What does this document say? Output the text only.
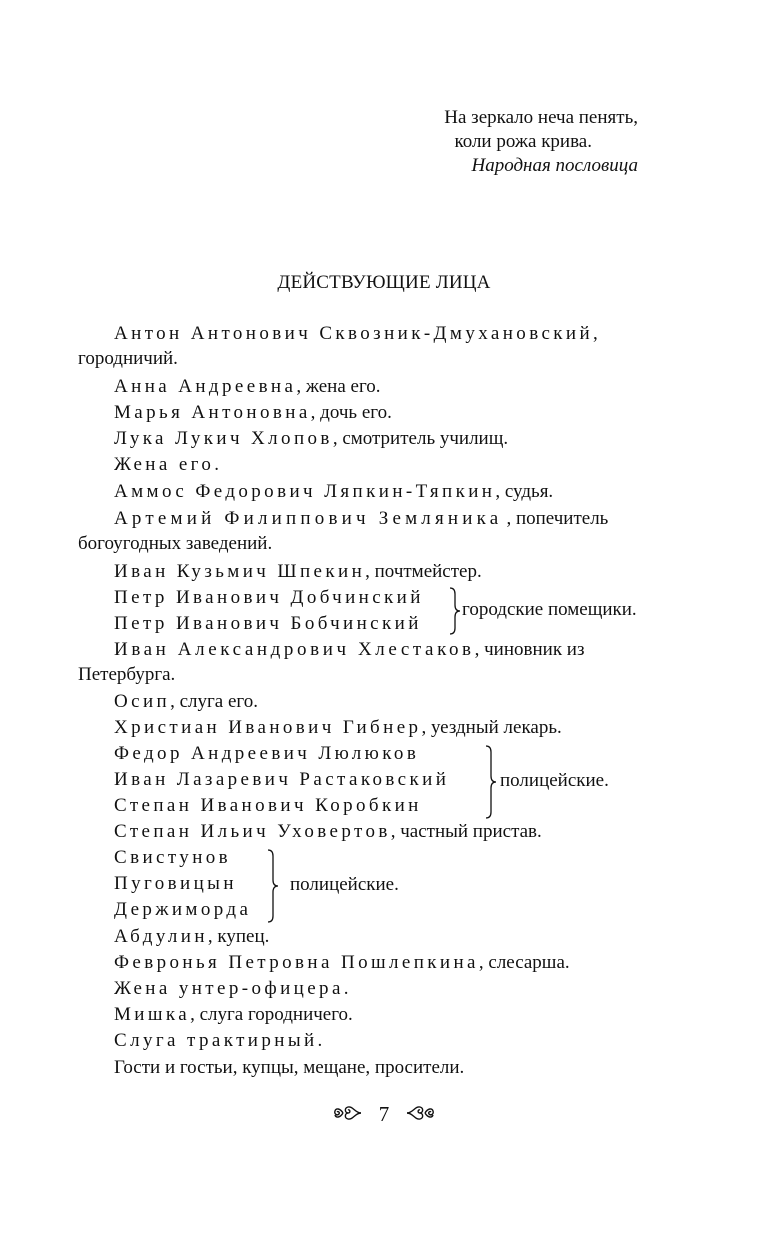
На зеркало неча пенять,
коли рожа крива.
Народная пословица
ДЕЙСТВУЮЩИЕ ЛИЦА
Антон Антонович Сквозник-Дмухановский,
городничий.
Анна Андреевна, жена его.
Марья Антоновна, дочь его.
Лука Лукич Хлопов, смотритель училищ.
Жена его.
Аммос Федорович Ляпкин-Тяпкин, судья.
Артемий Филиппович Земляника , попечитель
богоугодных заведений.
Иван Кузьмич Шпекин, почтмейстер.
Петр Иванович Добчинский
Петр Иванович Бобчинский
городские помещики.
Иван Александрович Хлестаков, чиновник из
Петербурга.
Осип, слуга его.
Христиан Иванович Гибнер, уездный лекарь.
Федор Андреевич Люлюков
Иван Лазаревич Растаковский
Степан Иванович Коробкин
полицейские.
Степан Ильич Уховертов, частный пристав.
Свистунов
Пуговицын
Держиморда
полицейские.
Абдулин, купец.
Февронья Петровна Пошлепкина, слесарша.
Жена унтер-офицера.
Мишка, слуга городничего.
Слуга трактирный.
Гости и гостьи, купцы, мещане, просители.
7
